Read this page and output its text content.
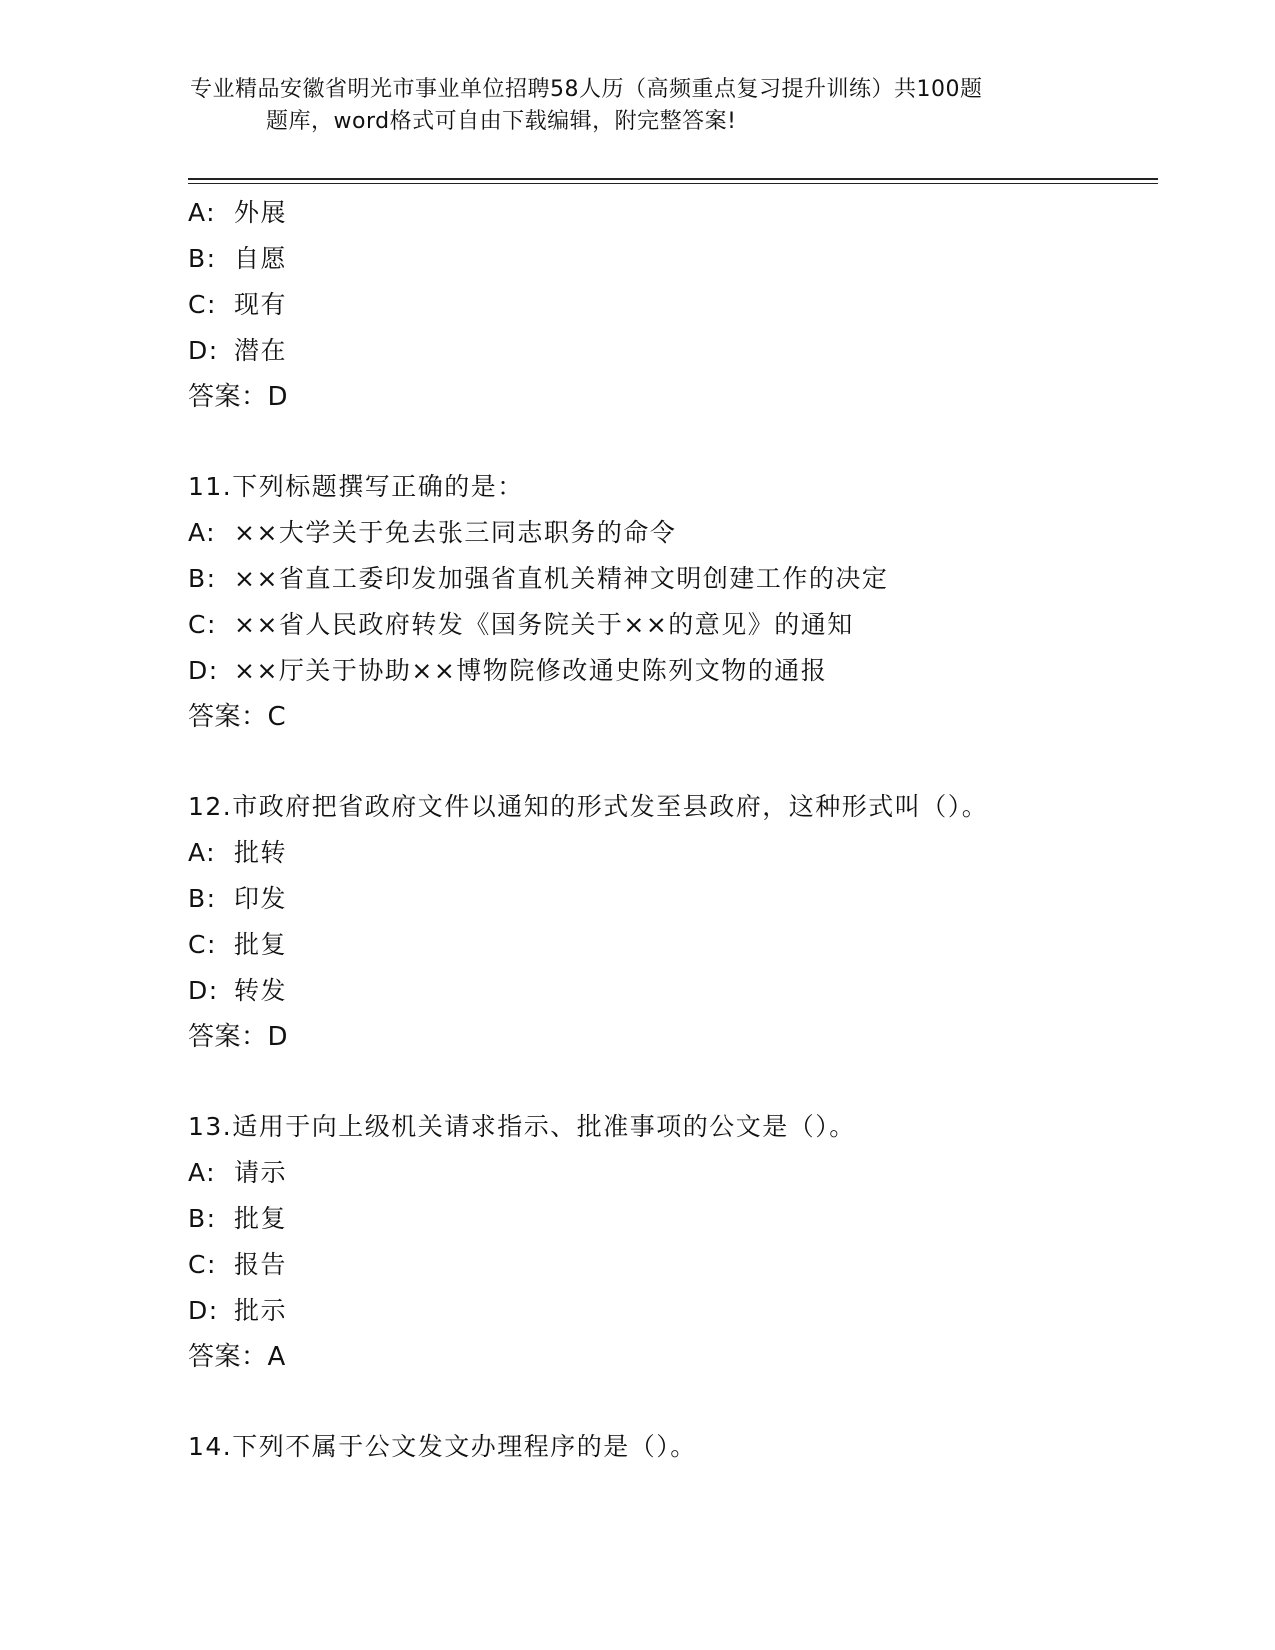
专业精品安徽省明光市事业单位招聘58人历（高频重点复习提升训练）共100题
题库，word格式可自由下载编辑，附完整答案!
A: 外展
B: 自愿
C: 现有
D: 潜在
答案：D
11.下列标题撰写正确的是：
A: ××大学关于免去张三同志职务的命令
B: ××省直工委印发加强省直机关精神文明创建工作的决定
C: ××省人民政府转发《国务院关于××的意见》的通知
D: ××厅关于协助××博物院修改通史陈列文物的通报
答案：C
12.市政府把省政府文件以通知的形式发至县政府，这种形式叫（）。
A: 批转
B: 印发
C: 批复
D: 转发
答案：D
13.适用于向上级机关请求指示、批准事项的公文是（）。
A: 请示
B: 批复
C: 报告
D: 批示
答案：A
14.下列不属于公文发文办理程序的是（）。
